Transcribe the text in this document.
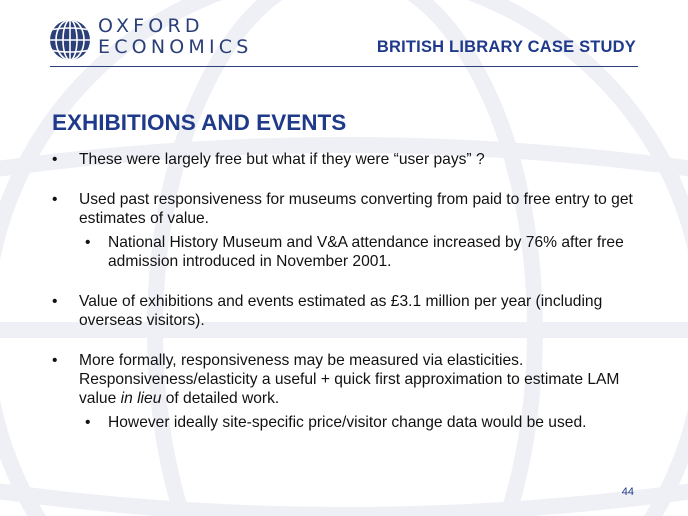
OXFORD
ECONOMICS	BRITISH LIBRARY CASE STUDY
EXHIBITIONS AND EVENTS
• These were largely free but what if they were “user pays” ?
• Used past responsiveness for museums converting from paid to free entry to get estimates of value.
• National History Museum and V&A attendance increased by 76% after free admission introduced in November 2001.
• Value of exhibitions and events estimated as £3.1 million per year (including overseas visitors).
• More formally, responsiveness may be measured via elasticities. Responsiveness/elasticity a useful + quick first approximation to estimate LAM value in lieu of detailed work.
• However ideally site-specific price/visitor change data would be used.
44
